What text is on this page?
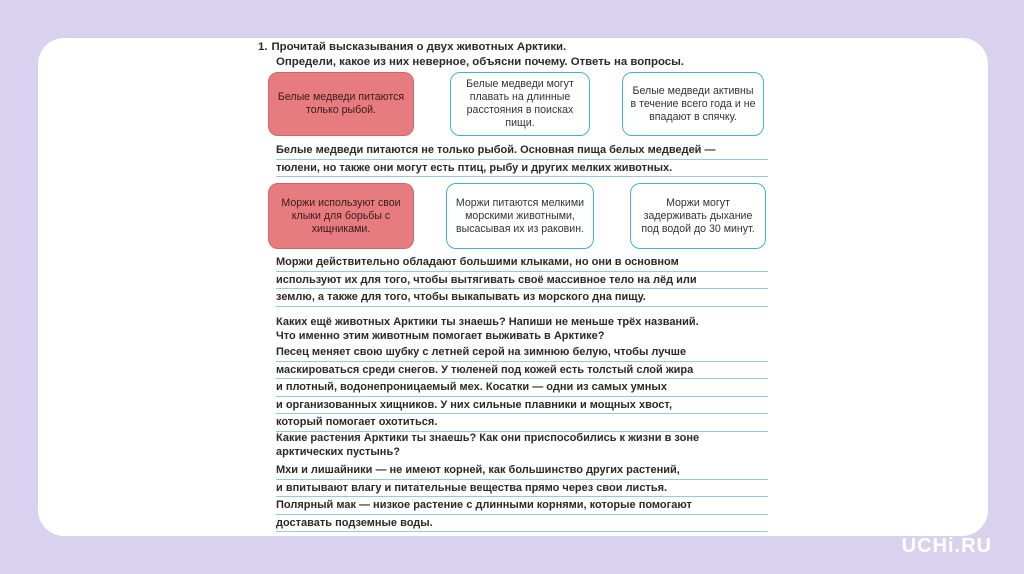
1. Прочитай высказывания о двух животных Арктики.
Определи, какое из них неверное, объясни почему. Ответь на вопросы.
Белые медведи питаются только рыбой.
Белые медведи могут плавать на длинные расстояния в поисках пищи.
Белые медведи активны в течение всего года и не впадают в спячку.
Белые медведи питаются не только рыбой. Основная пища белых медведей —
тюлени, но также они могут есть птиц, рыбу и других мелких животных.
Моржи используют свои клыки для борьбы с хищниками.
Моржи питаются мелкими морскими животными, высасывая их из раковин.
Моржи могут задерживать дыхание под водой до 30 минут.
Моржи действительно обладают большими клыками, но они в основном
используют их для того, чтобы вытягивать своё массивное тело на лёд или
землю, а также для того, чтобы выкапывать из морского дна пищу.
Каких ещё животных Арктики ты знаешь? Напиши не меньше трёх названий.
Что именно этим животным помогает выживать в Арктике?
Песец меняет свою шубку с летней серой на зимнюю белую, чтобы лучше
маскироваться среди снегов. У тюленей под кожей есть толстый слой жира
и плотный, водонепроницаемый мех. Косатки — одни из самых умных
и организованных хищников. У них сильные плавники и мощных хвост,
который помогает охотиться.
Какие растения Арктики ты знаешь? Как они приспособились к жизни в зоне
арктических пустынь?
Мхи и лишайники — не имеют корней, как большинство других растений,
и впитывают влагу и питательные вещества прямо через свои листья.
Полярный мак — низкое растение с длинными корнями, которые помогают
доставать подземные воды.
UCHi.RU
